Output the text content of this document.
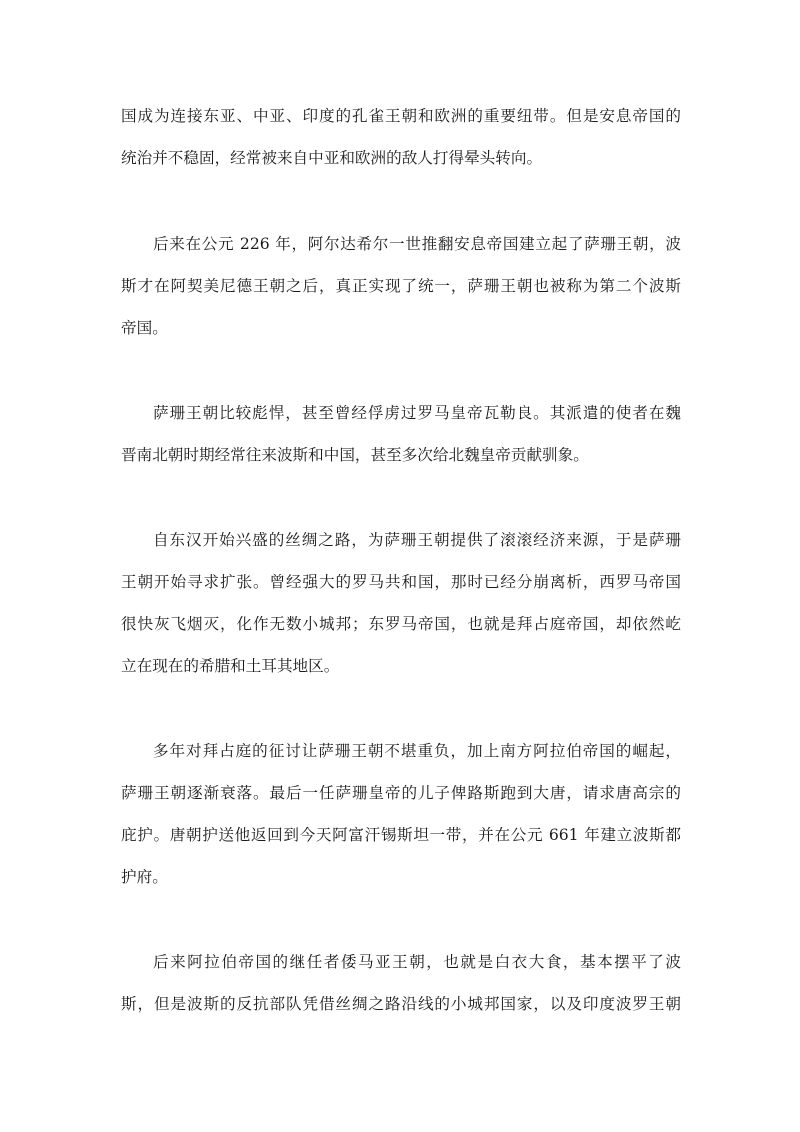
国成为连接东亚、中亚、印度的孔雀王朝和欧洲的重要纽带。但是安息帝国的

统治并不稳固，经常被来自中亚和欧洲的敌人打得晕头转向。

后来在公元 226 年，阿尔达希尔一世推翻安息帝国建立起了萨珊王朝，波

斯才在阿契美尼德王朝之后，真正实现了统一，萨珊王朝也被称为第二个波斯

帝国。

萨珊王朝比较彪悍，甚至曾经俘虏过罗马皇帝瓦勒良。其派遣的使者在魏

晋南北朝时期经常往来波斯和中国，甚至多次给北魏皇帝贡献驯象。

自东汉开始兴盛的丝绸之路，为萨珊王朝提供了滚滚经济来源，于是萨珊

王朝开始寻求扩张。曾经强大的罗马共和国，那时已经分崩离析，西罗马帝国

很快灰飞烟灭，化作无数小城邦；东罗马帝国，也就是拜占庭帝国，却依然屹

立在现在的希腊和土耳其地区。

多年对拜占庭的征讨让萨珊王朝不堪重负，加上南方阿拉伯帝国的崛起，

萨珊王朝逐渐衰落。最后一任萨珊皇帝的儿子俾路斯跑到大唐，请求唐高宗的

庇护。唐朝护送他返回到今天阿富汗锡斯坦一带，并在公元 661 年建立波斯都

护府。

后来阿拉伯帝国的继任者倭马亚王朝，也就是白衣大食，基本摆平了波

斯，但是波斯的反抗部队凭借丝绸之路沿线的小城邦国家，以及印度波罗王朝
